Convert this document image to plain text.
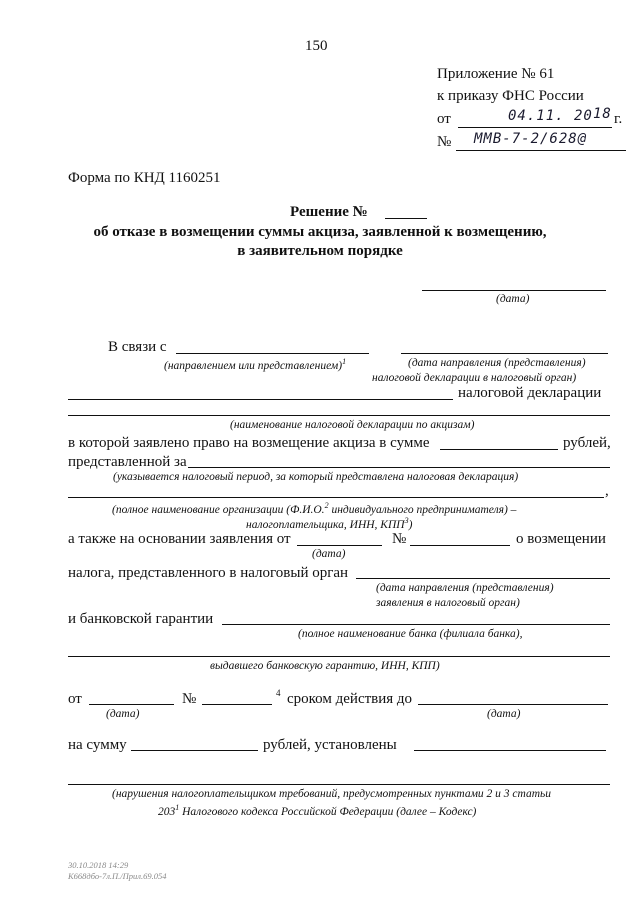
150
Приложение № 61
к приказу ФНС России
от	04.11. 20 18 г.
№ ММВ-7-2/628@
Форма по КНД 1160251
Решение №
об отказе в возмещении суммы акциза, заявленной к возмещению,
в заявительном порядке
(дата)
В связи с
(направлением или представлением)$^1$	(дата направления (представления)
налоговой декларации в налоговый орган)
налоговой декларации
(наименование налоговой декларации по акцизам)
в которой заявлено право на возмещение акциза в сумме	рублей,
представленной за
(указывается налоговый период, за который представлена налоговая декларация)
,
(полное наименование организации (Ф.И.О.$^2$ индивидуального предпринимателя) –
налогоплательщика, ИНН, КПП$^3$)
а также на основании заявления от	№	о возмещении
(дата)
налога, представленного в налоговый орган
(дата направления (представления)
заявления в налоговый орган)
и банковской гарантии
(полное наименование банка (филиала банка),
выдавшего банковскую гарантию, ИНН, КПП)
от	№	4 сроком действия до
(дата)	(дата)
на сумму	рублей, установлены
(нарушения налогоплательщиком требований, предусмотренных пунктами 2 и 3 статьи
$203^1$ Налогового кодекса Российской Федерации (далее – Кодекс)
30.10.2018 14:29
К668дбо-7л.П./Прил.69.054
